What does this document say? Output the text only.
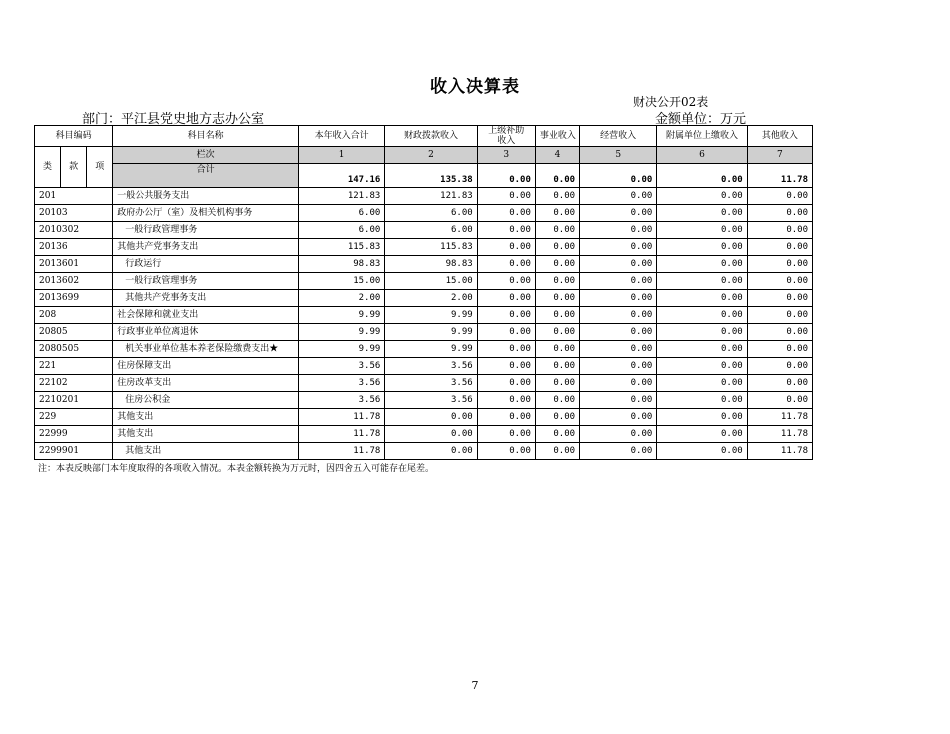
收入决算表
财决公开02表
部门：平江县党史地方志办公室	金额单位：万元
科目编码			科目名称	本年收入合计	财政拨款收入	上级补助
收入	事业收入	经营收入	附属单位上缴收入	其他收入
类	款	项	栏次	1	2	3	4	5	6	7
			合计	147.16	135.38	0.00	0.00	0.00	0.00	11.78
201			一般公共服务支出	121.83	121.83	0.00	0.00	0.00	0.00	0.00
20103			政府办公厅（室）及相关机构事务	6.00	6.00	0.00	0.00	0.00	0.00	0.00
2010302			一般行政管理事务	6.00	6.00	0.00	0.00	0.00	0.00	0.00
20136			其他共产党事务支出	115.83	115.83	0.00	0.00	0.00	0.00	0.00
2013601			行政运行	98.83	98.83	0.00	0.00	0.00	0.00	0.00
2013602			一般行政管理事务	15.00	15.00	0.00	0.00	0.00	0.00	0.00
2013699			其他共产党事务支出	2.00	2.00	0.00	0.00	0.00	0.00	0.00
208			社会保障和就业支出	9.99	9.99	0.00	0.00	0.00	0.00	0.00
20805			行政事业单位离退休	9.99	9.99	0.00	0.00	0.00	0.00	0.00
2080505			机关事业单位基本养老保险缴费支出★	9.99	9.99	0.00	0.00	0.00	0.00	0.00
221			住房保障支出	3.56	3.56	0.00	0.00	0.00	0.00	0.00
22102			住房改革支出	3.56	3.56	0.00	0.00	0.00	0.00	0.00
2210201			住房公积金	3.56	3.56	0.00	0.00	0.00	0.00	0.00
229			其他支出	11.78	0.00	0.00	0.00	0.00	0.00	11.78
22999			其他支出	11.78	0.00	0.00	0.00	0.00	0.00	11.78
2299901			其他支出	11.78	0.00	0.00	0.00	0.00	0.00	11.78
注：本表反映部门本年度取得的各项收入情况。本表金额转换为万元时，因四舍五入可能存在尾差。
7
